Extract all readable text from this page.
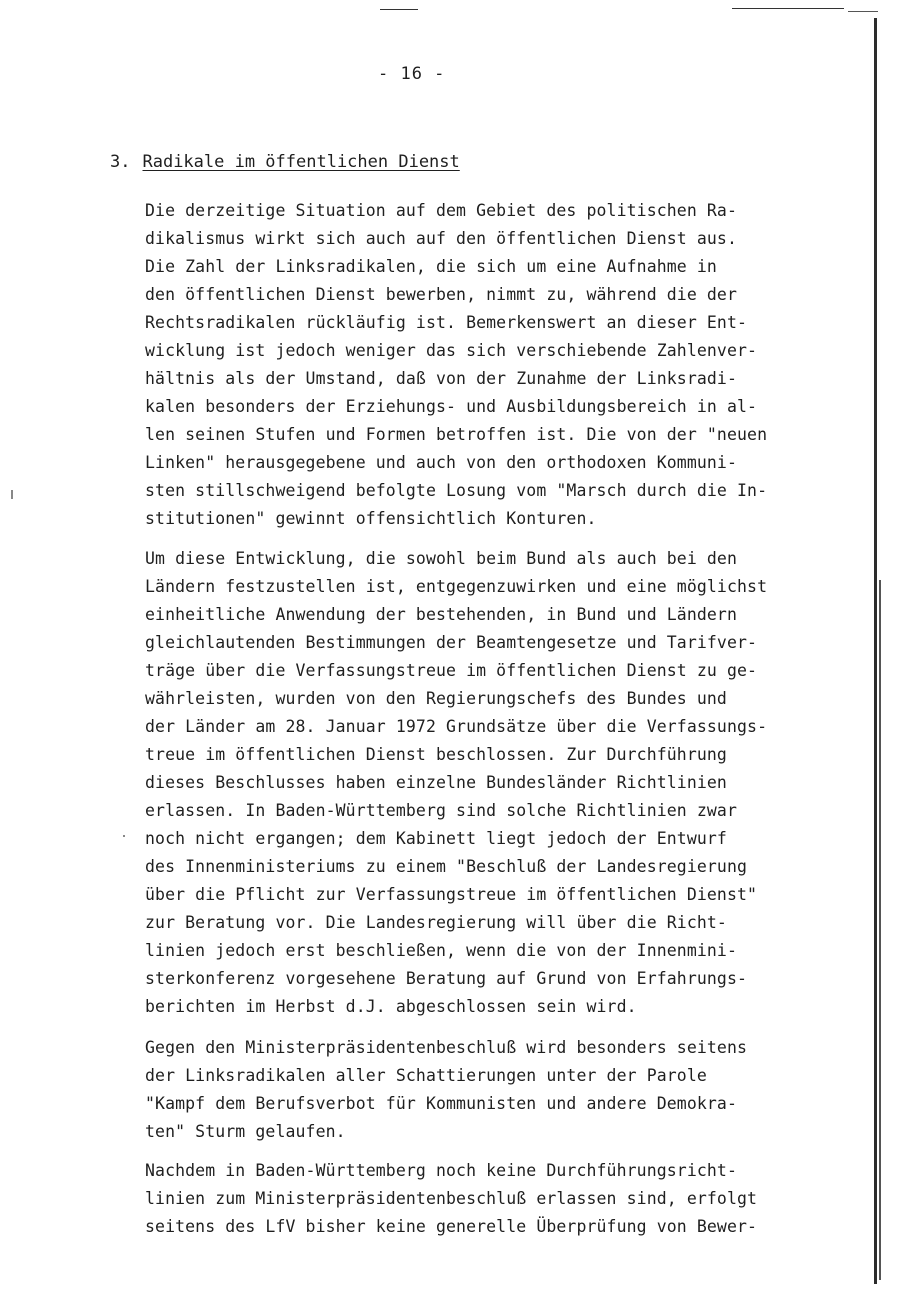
- 16 -
3. Radikale im öffentlichen Dienst
Die derzeitige Situation auf dem Gebiet des politischen Ra-
dikalismus wirkt sich auch auf den öffentlichen Dienst aus.
Die Zahl der Linksradikalen, die sich um eine Aufnahme in
den öffentlichen Dienst bewerben, nimmt zu, während die der
Rechtsradikalen rückläufig ist. Bemerkenswert an dieser Ent-
wicklung ist jedoch weniger das sich verschiebende Zahlenver-
hältnis als der Umstand, daß von der Zunahme der Linksradi-
kalen besonders der Erziehungs- und Ausbildungsbereich in al-
len seinen Stufen und Formen betroffen ist. Die von der "neuen
Linken" herausgegebene und auch von den orthodoxen Kommuni-
sten stillschweigend befolgte Losung vom "Marsch durch die In-
stitutionen" gewinnt offensichtlich Konturen.
Um diese Entwicklung, die sowohl beim Bund als auch bei den
Ländern festzustellen ist, entgegenzuwirken und eine möglichst
einheitliche Anwendung der bestehenden, in Bund und Ländern
gleichlautenden Bestimmungen der Beamtengesetze und Tarifver-
träge über die Verfassungstreue im öffentlichen Dienst zu ge-
währleisten, wurden von den Regierungschefs des Bundes und
der Länder am 28. Januar 1972 Grundsätze über die Verfassungs-
treue im öffentlichen Dienst beschlossen. Zur Durchführung
dieses Beschlusses haben einzelne Bundesländer Richtlinien
erlassen. In Baden-Württemberg sind solche Richtlinien zwar
noch nicht ergangen; dem Kabinett liegt jedoch der Entwurf
des Innenministeriums zu einem "Beschluß der Landesregierung
über die Pflicht zur Verfassungstreue im öffentlichen Dienst"
zur Beratung vor. Die Landesregierung will über die Richt-
linien jedoch erst beschließen, wenn die von der Innenmini-
sterkonferenz vorgesehene Beratung auf Grund von Erfahrungs-
berichten im Herbst d.J. abgeschlossen sein wird.
Gegen den Ministerpräsidentenbeschluß wird besonders seitens
der Linksradikalen aller Schattierungen unter der Parole
"Kampf dem Berufsverbot für Kommunisten und andere Demokra-
ten" Sturm gelaufen.
Nachdem in Baden-Württemberg noch keine Durchführungsricht-
linien zum Ministerpräsidentenbeschluß erlassen sind, erfolgt
seitens des LfV bisher keine generelle Überprüfung von Bewer-
